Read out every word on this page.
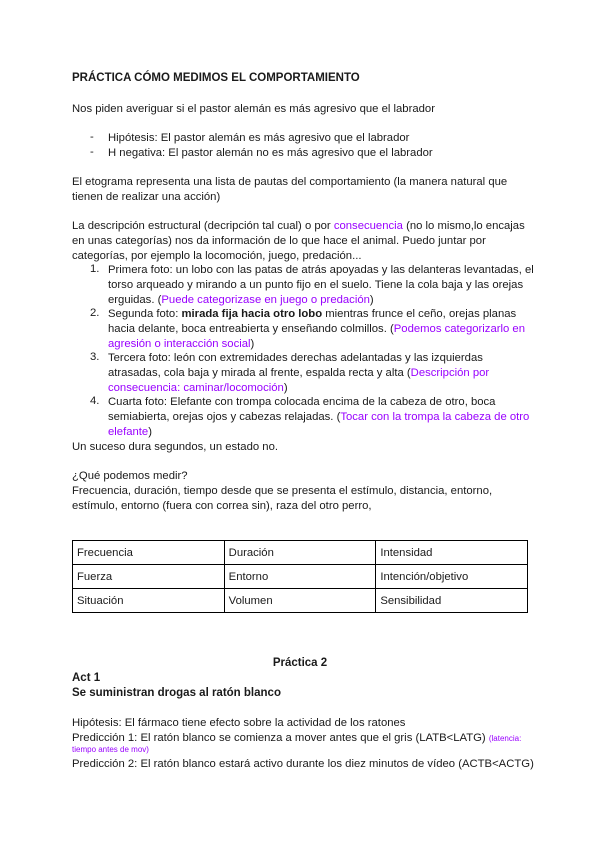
PRÁCTICA CÓMO MEDIMOS EL COMPORTAMIENTO
Nos piden averiguar si el pastor alemán es más agresivo que el labrador
- Hipótesis: El pastor alemán es más agresivo que el labrador
- H negativa: El pastor alemán no es más agresivo que el labrador
El etograma representa una lista de pautas del comportamiento (la manera natural que
tienen de realizar una acción)
La descripción estructural (decripción tal cual) o por consecuencia (no lo mismo,lo encajas
en unas categorías) nos da información de lo que hace el animal. Puedo juntar por
categorías, por ejemplo la locomoción, juego, predación...
1. Primera foto: un lobo con las patas de atrás apoyadas y las delanteras levantadas, el
torso arqueado y mirando a un punto fijo en el suelo. Tiene la cola baja y las orejas
erguidas. (Puede categorizase en juego o predación)
2. Segunda foto: mirada fija hacia otro lobo mientras frunce el ceño, orejas planas
hacia delante, boca entreabierta y enseñando colmillos. (Podemos categorizarlo en
agresión o interacción social)
3. Tercera foto: león con extremidades derechas adelantadas y las izquierdas
atrasadas, cola baja y mirada al frente, espalda recta y alta (Descripción por
consecuencia: caminar/locomoción)
4. Cuarta foto: Elefante con trompa colocada encima de la cabeza de otro, boca
semiabierta, orejas ojos y cabezas relajadas. (Tocar con la trompa la cabeza de otro
elefante)
Un suceso dura segundos, un estado no.
¿Qué podemos medir?
Frecuencia, duración, tiempo desde que se presenta el estímulo, distancia, entorno,
estímulo, entorno (fuera con correa sin), raza del otro perro,
Frecuencia	Duración	Intensidad
Fuerza	Entorno	Intención/objetivo
Situación	Volumen	Sensibilidad
Práctica 2
Act 1
Se suministran drogas al ratón blanco
Hipótesis: El fármaco tiene efecto sobre la actividad de los ratones
Predicción 1: El ratón blanco se comienza a mover antes que el gris (LATB<LATG) (latencia:
tiempo antes de mov)
Predicción 2: El ratón blanco estará activo durante los diez minutos de vídeo (ACTB<ACTG)
